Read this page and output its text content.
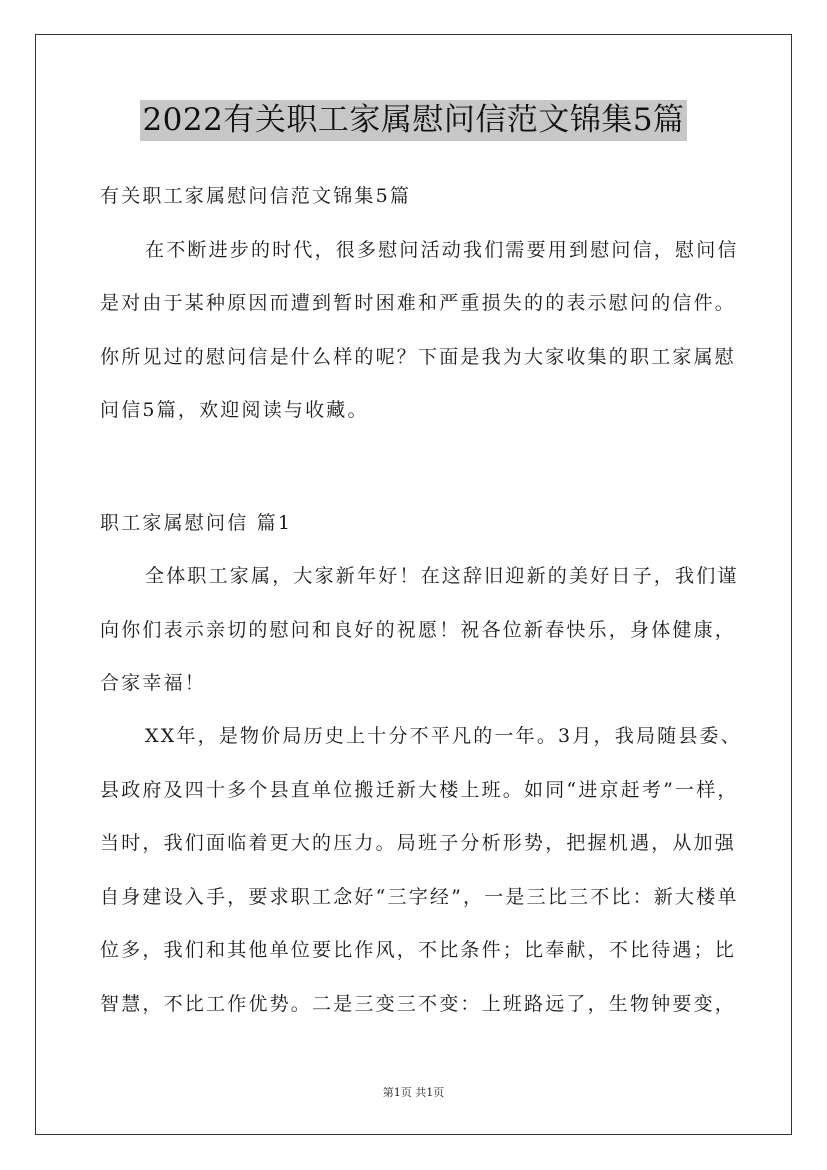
2022有关职工家属慰问信范文锦集5篇
有关职工家属慰问信范文锦集5篇
在不断进步的时代，很多慰问活动我们需要用到慰问信，慰问信
是对由于某种原因而遭到暂时困难和严重损失的的表示慰问的信件。
你所见过的慰问信是什么样的呢？下面是我为大家收集的职工家属慰
问信5篇，欢迎阅读与收藏。
职工家属慰问信 篇1
全体职工家属，大家新年好！在这辞旧迎新的美好日子，我们谨
向你们表示亲切的慰问和良好的祝愿！祝各位新春快乐，身体健康，
合家幸福！
XX年，是物价局历史上十分不平凡的一年。3月，我局随县委、
县政府及四十多个县直单位搬迁新大楼上班。如同“进京赶考”一样，
当时，我们面临着更大的压力。局班子分析形势，把握机遇，从加强
自身建设入手，要求职工念好“三字经”，一是三比三不比：新大楼单
位多，我们和其他单位要比作风，不比条件；比奉献，不比待遇；比
智慧，不比工作优势。二是三变三不变：上班路远了，生物钟要变，
第1页 共1页
